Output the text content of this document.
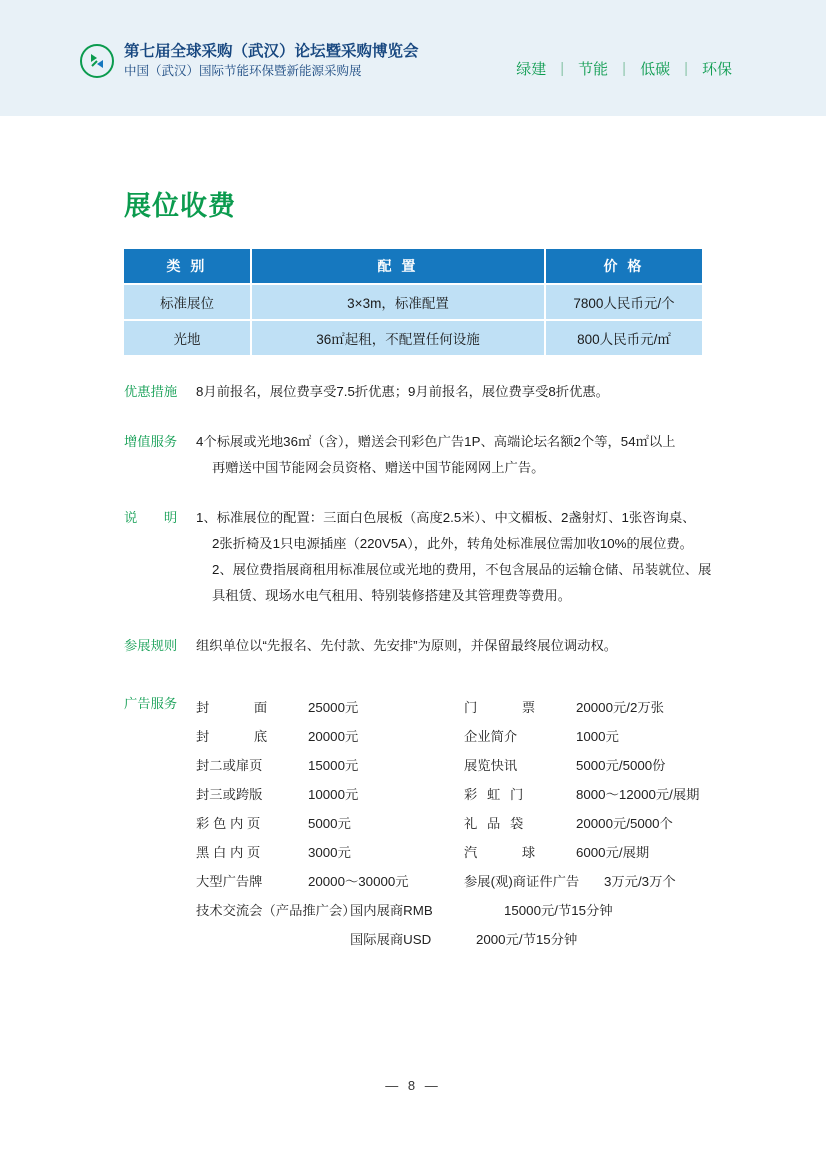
第七届全球采购（武汉）论坛暨采购博览会
中国（武汉）国际节能环保暨新能源采购展	绿建 | 节能 | 低碳 | 环保
展位收费
类 别	配 置	价 格
标准展位	3×3m，标准配置	7800人民币元/个
光地	36㎡起租，不配置任何设施	800人民币元/㎡
优惠措施	8月前报名，展位费享受7.5折优惠；9月前报名，展位费享受8折优惠。
增值服务	4个标展或光地36㎡（含），赠送会刊彩色广告1P、高端论坛名额2个等，54㎡以上
再赠送中国节能网会员资格、赠送中国节能网网上广告。
说　　明	1、标准展位的配置：三面白色展板（高度2.5米）、中文楣板、2盏射灯、1张咨询桌、
2张折椅及1只电源插座（220V5A），此外，转角处标准展位需加收10%的展位费。
2、展位费指展商租用标准展位或光地的费用，不包含展品的运输仓储、吊装就位、展
具租赁、现场水电气租用、特别装修搭建及其管理费等费用。
参展规则	组织单位以“先报名、先付款、先安排”为原则，并保留最终展位调动权。
广告服务	封　　面	25000元	门　　票	20000元/2万张
封　　底	20000元	企业简介	1000元
封二或扉页	15000元	展览快讯	5000元/5000份
封三或跨版	10000元	彩 虹 门	8000～12000元/展期
彩 色 内 页	5000元	礼 品 袋	20000元/5000个
黑 白 内 页	3000元	汽　　球	6000元/展期
大型广告牌	20000～30000元	参展(观)商证件广告	3万元/3万个
技术交流会（产品推广会）
国内展商RMB	15000元/节15分钟
国际展商USD	2000元/节15分钟
— 8 —
